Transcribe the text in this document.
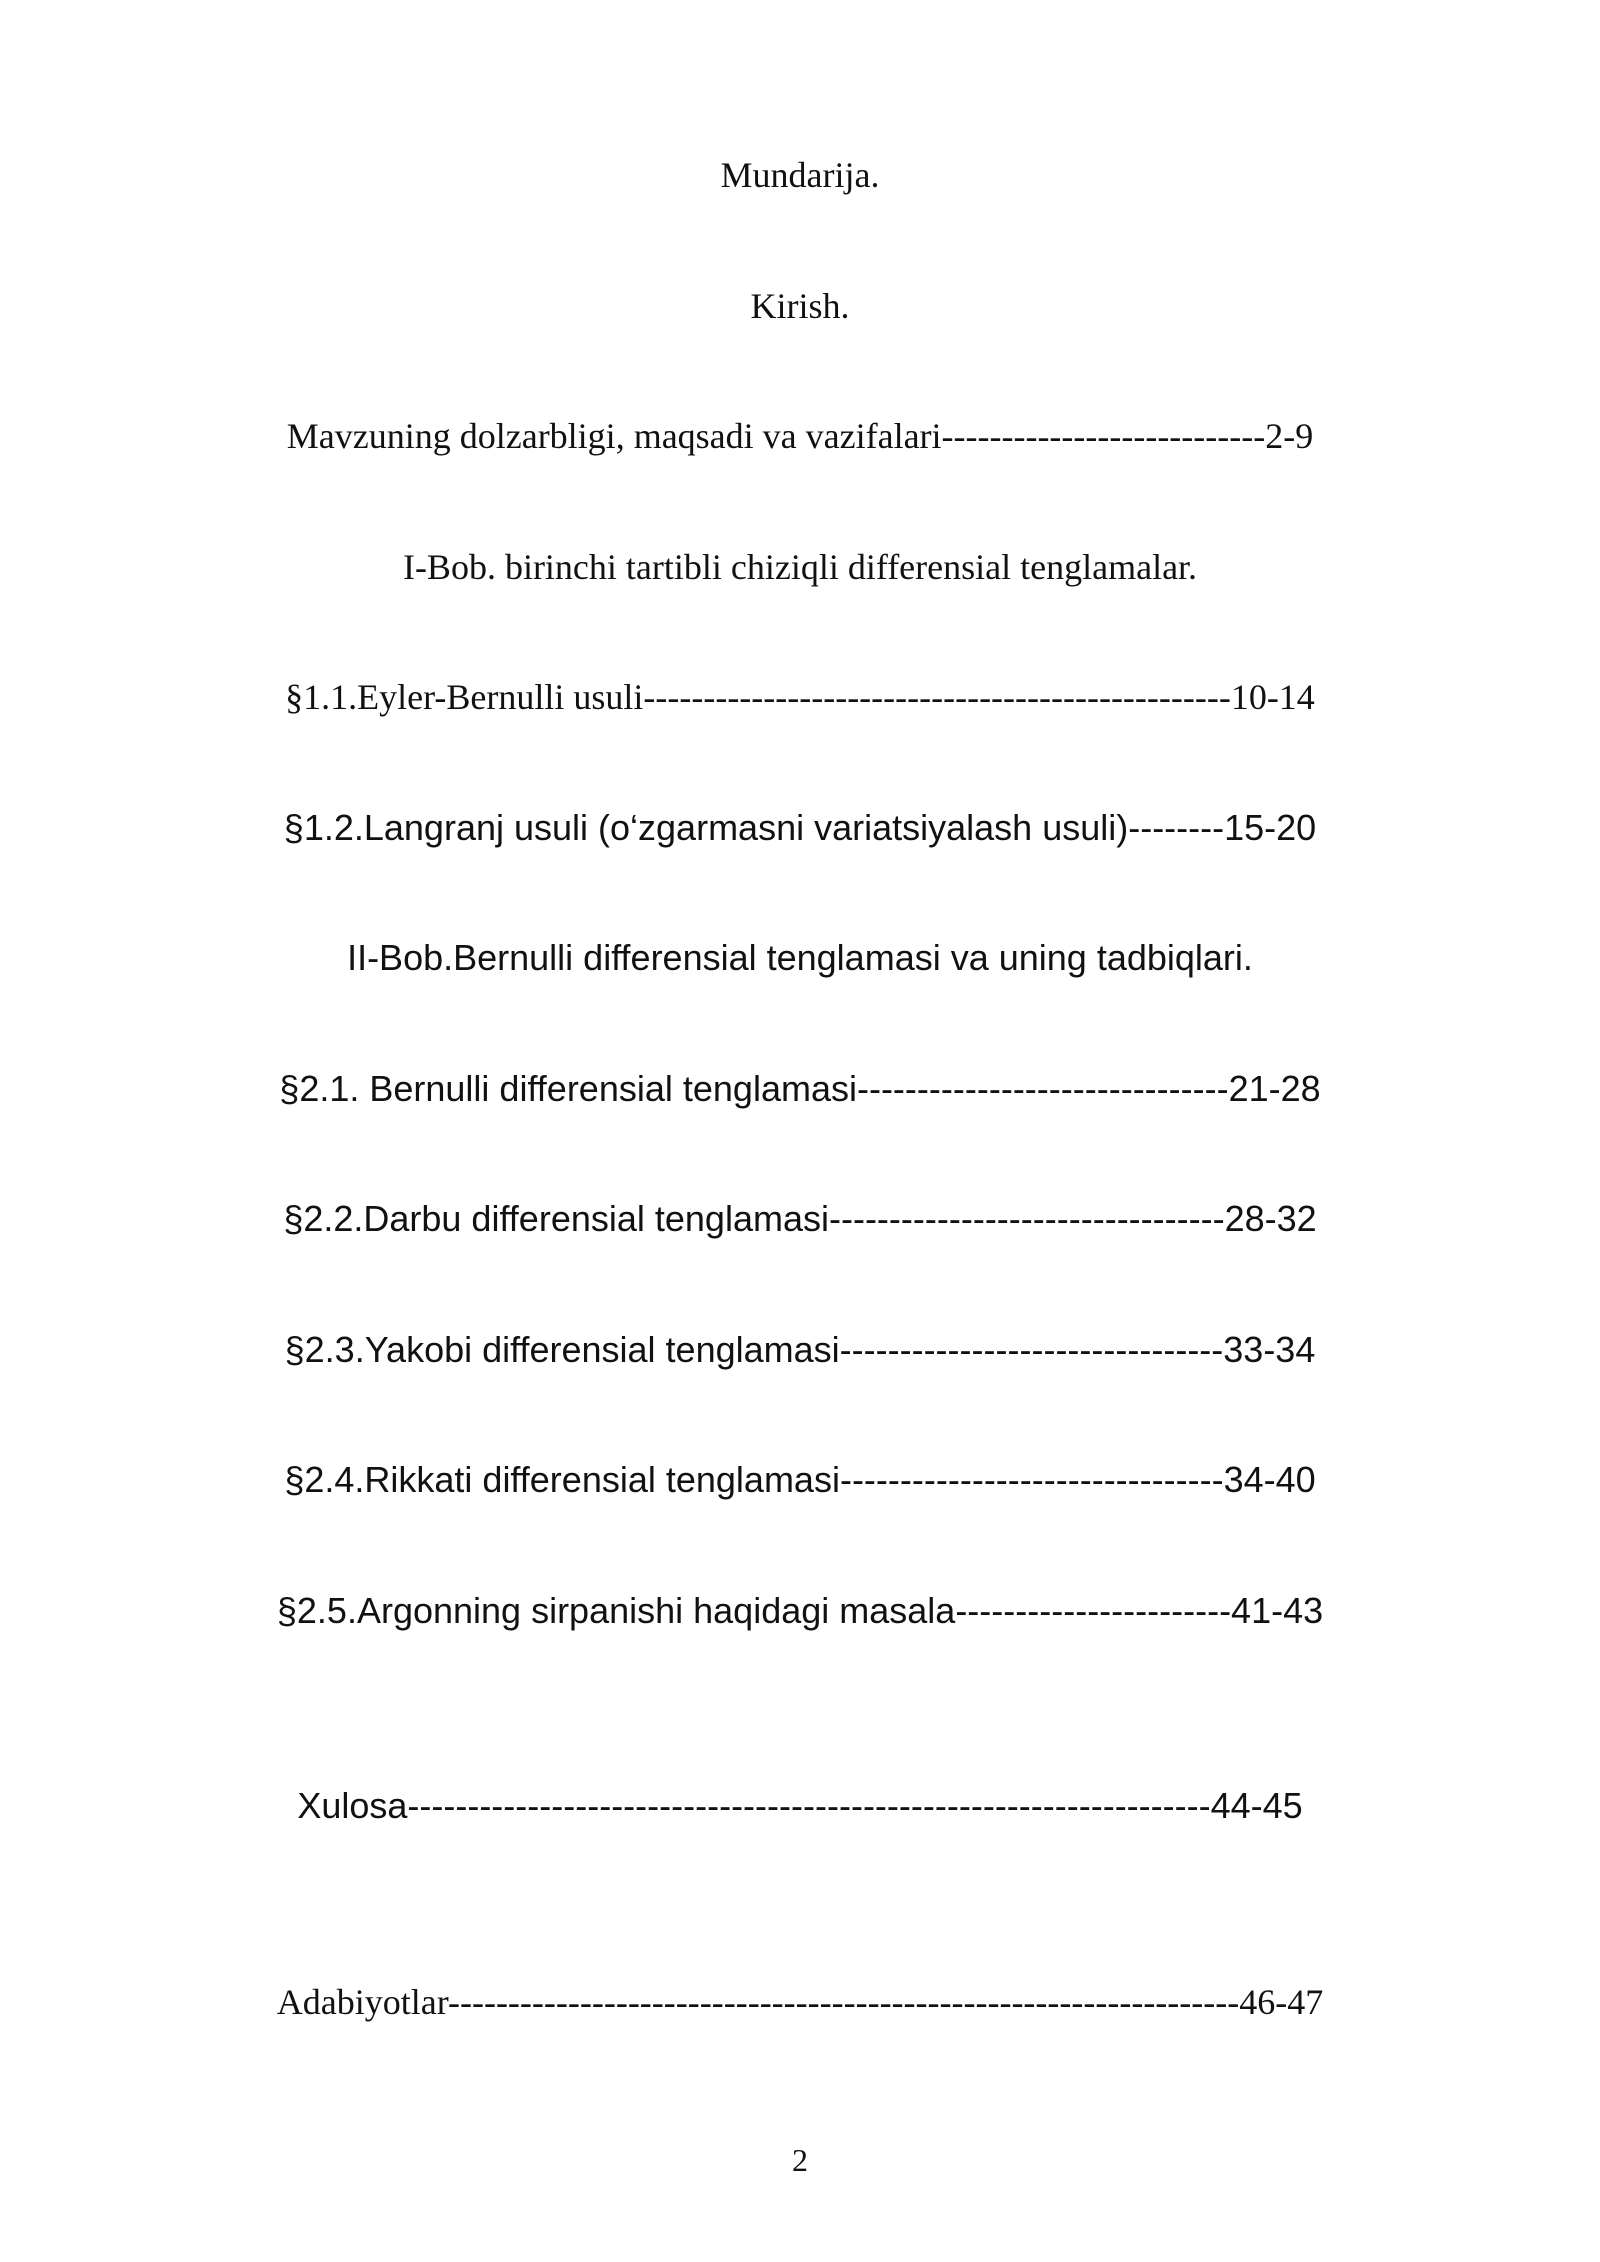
Mundarija.
Kirish.
Mavzuning dolzarbligi, maqsadi va vazifalari---------------------------2-9
I-Bob. birinchi tartibli chiziqli differensial tenglamalar.
§1.1.Eyler-Bernulli usuli-------------------------------------------------10-14
§1.2.Langranj usuli (o‘zgarmasni variatsiyalash usuli)--------15-20
II-Bob.Bernulli differensial tenglamasi va uning tadbiqlari.
§2.1. Bernulli differensial tenglamasi-------------------------------21-28
§2.2.Darbu differensial tenglamasi---------------------------------28-32
§2.3.Yakobi differensial tenglamasi--------------------------------33-34
§2.4.Rikkati differensial tenglamasi--------------------------------34-40
§2.5.Argonning sirpanishi haqidagi masala-----------------------41-43
Xulosa-------------------------------------------------------------------44-45
Adabiyotlar------------------------------------------------------------------46-47
2
